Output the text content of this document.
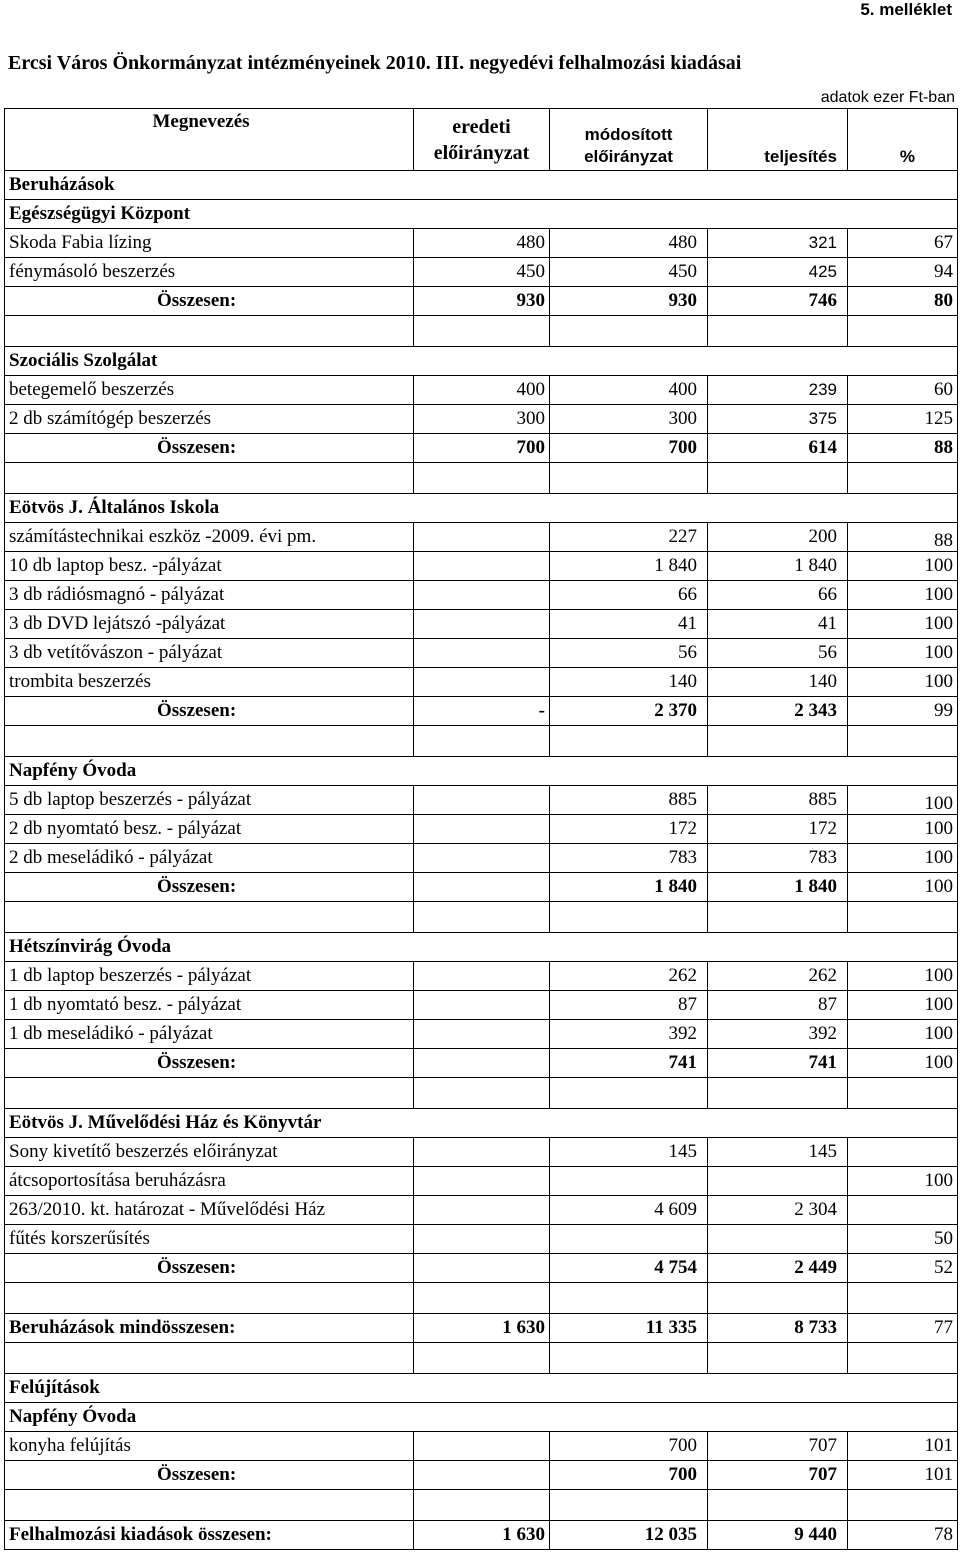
5. melléklet
Ercsi Város Önkormányzat intézményeinek 2010. III. negyedévi felhalmozási kiadásai
adatok ezer Ft-ban
Megnevezés	eredeti előirányzat	módosított előirányzat	teljesítés	%
Beruházások				
Egészségügyi Központ				
Skoda Fabia lízing	480	480	321	67
fénymásoló beszerzés	450	450	425	94
Összesen:	930	930	746	80

Szociális Szolgálat				
betegemelő beszerzés	400	400	239	60
2 db számítógép beszerzés	300	300	375	125
Összesen:	700	700	614	88

Eötvös J. Általános Iskola				
számítástechnikai eszköz -2009. évi pm.		227	200	88
10 db laptop besz. -pályázat		1 840	1 840	100
3 db rádiósmagnó - pályázat		66	66	100
3 db DVD lejátszó -pályázat		41	41	100
3 db vetítővászon - pályázat		56	56	100
trombita beszerzés		140	140	100
Összesen:	-	2 370	2 343	99

Napfény Óvoda				
5 db laptop beszerzés - pályázat		885	885	100
2 db nyomtató besz. - pályázat		172	172	100
2 db meseládikó - pályázat		783	783	100
Összesen:		1 840	1 840	100

Hétszínvirág Óvoda				
1 db laptop beszerzés - pályázat		262	262	100
1 db nyomtató besz. - pályázat		87	87	100
1 db meseládikó - pályázat		392	392	100
Összesen:		741	741	100

Eötvös J. Művelődési Ház és Könyvtár				
Sony kivetítő beszerzés előirányzat		145	145	
átcsoportosítása beruházásra				100
263/2010. kt. határozat - Művelődési Ház		4 609	2 304	
fűtés korszerűsítés				50
Összesen:		4 754	2 449	52

Beruházások mindösszesen:	1 630	11 335	8 733	77

Felújítások				
Napfény Óvoda				
konyha felújítás		700	707	101
Összesen:		700	707	101

Felhalmozási kiadások összesen:	1 630	12 035	9 440	78
